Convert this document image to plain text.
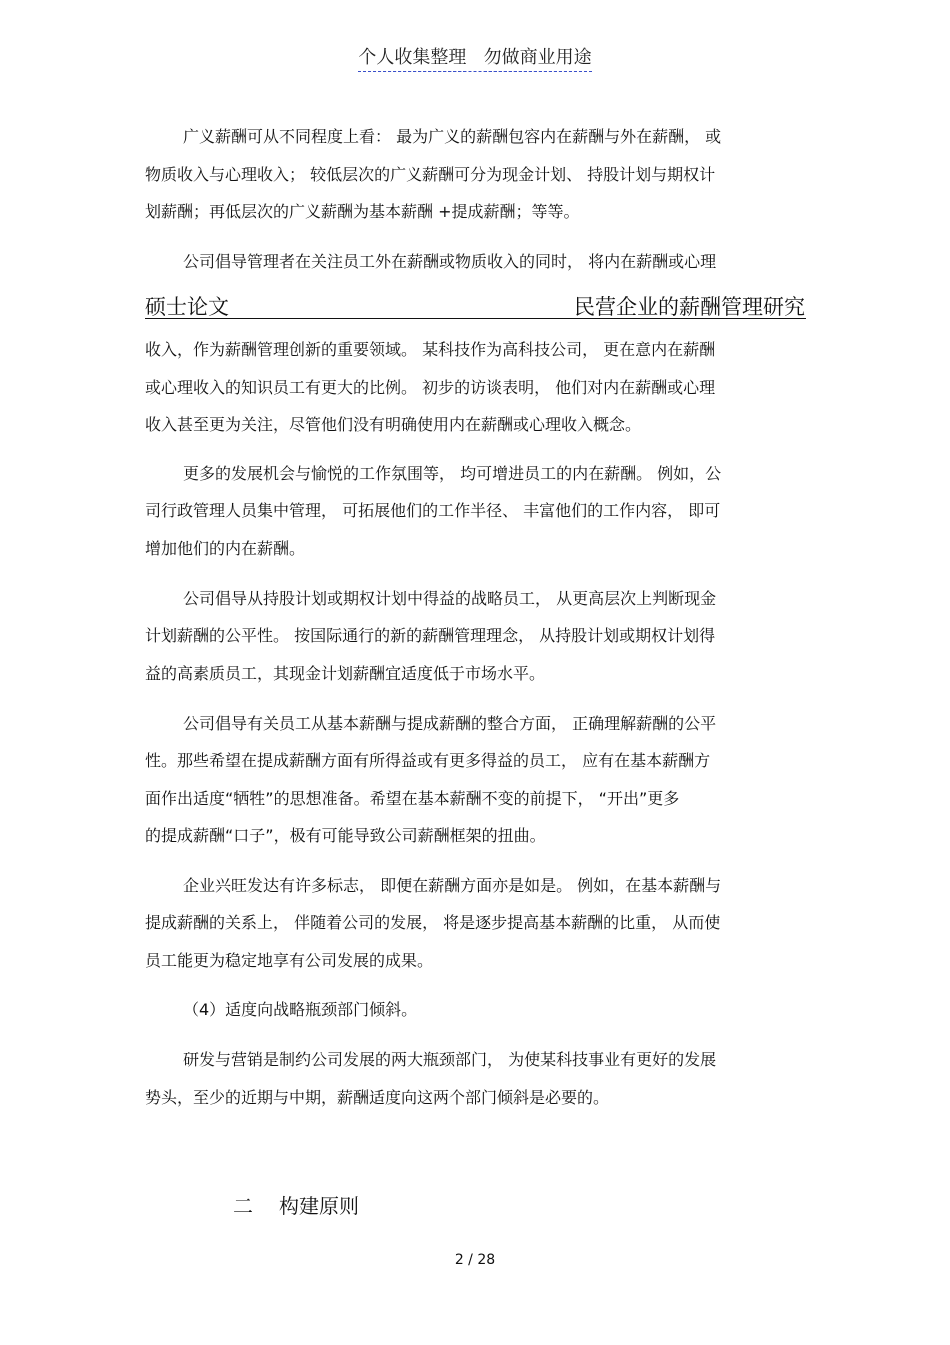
个人收集整理 勿做商业用途
广义薪酬可从不同程度上看： 最为广义的薪酬包容内在薪酬与外在薪酬， 或
物质收入与心理收入； 较低层次的广义薪酬可分为现金计划、 持股计划与期权计
划薪酬；再低层次的广义薪酬为基本薪酬 +提成薪酬；等等。
公司倡导管理者在关注员工外在薪酬或物质收入的同时， 将内在薪酬或心理
硕士论文	民营企业的薪酬管理研究
收入，作为薪酬管理创新的重要领域。 某科技作为高科技公司， 更在意内在薪酬
或心理收入的知识员工有更大的比例。 初步的访谈表明， 他们对内在薪酬或心理
收入甚至更为关注，尽管他们没有明确使用内在薪酬或心理收入概念。
更多的发展机会与愉悦的工作氛围等， 均可增进员工的内在薪酬。 例如，公
司行政管理人员集中管理， 可拓展他们的工作半径、 丰富他们的工作内容， 即可
增加他们的内在薪酬。
公司倡导从持股计划或期权计划中得益的战略员工， 从更高层次上判断现金
计划薪酬的公平性。 按国际通行的新的薪酬管理理念， 从持股计划或期权计划得
益的高素质员工，其现金计划薪酬宜适度低于市场水平。
公司倡导有关员工从基本薪酬与提成薪酬的整合方面， 正确理解薪酬的公平
性。那些希望在提成薪酬方面有所得益或有更多得益的员工， 应有在基本薪酬方
面作出适度“牺牲”的思想准备。希望在基本薪酬不变的前提下， “开出”更多
的提成薪酬“口子”，极有可能导致公司薪酬框架的扭曲。
企业兴旺发达有许多标志， 即便在薪酬方面亦是如是。 例如，在基本薪酬与
提成薪酬的关系上， 伴随着公司的发展， 将是逐步提高基本薪酬的比重， 从而使
员工能更为稳定地享有公司发展的成果。
（4）适度向战略瓶颈部门倾斜。
研发与营销是制约公司发展的两大瓶颈部门， 为使某科技事业有更好的发展
势头，至少的近期与中期，薪酬适度向这两个部门倾斜是必要的。
二 构建原则
2 / 28
